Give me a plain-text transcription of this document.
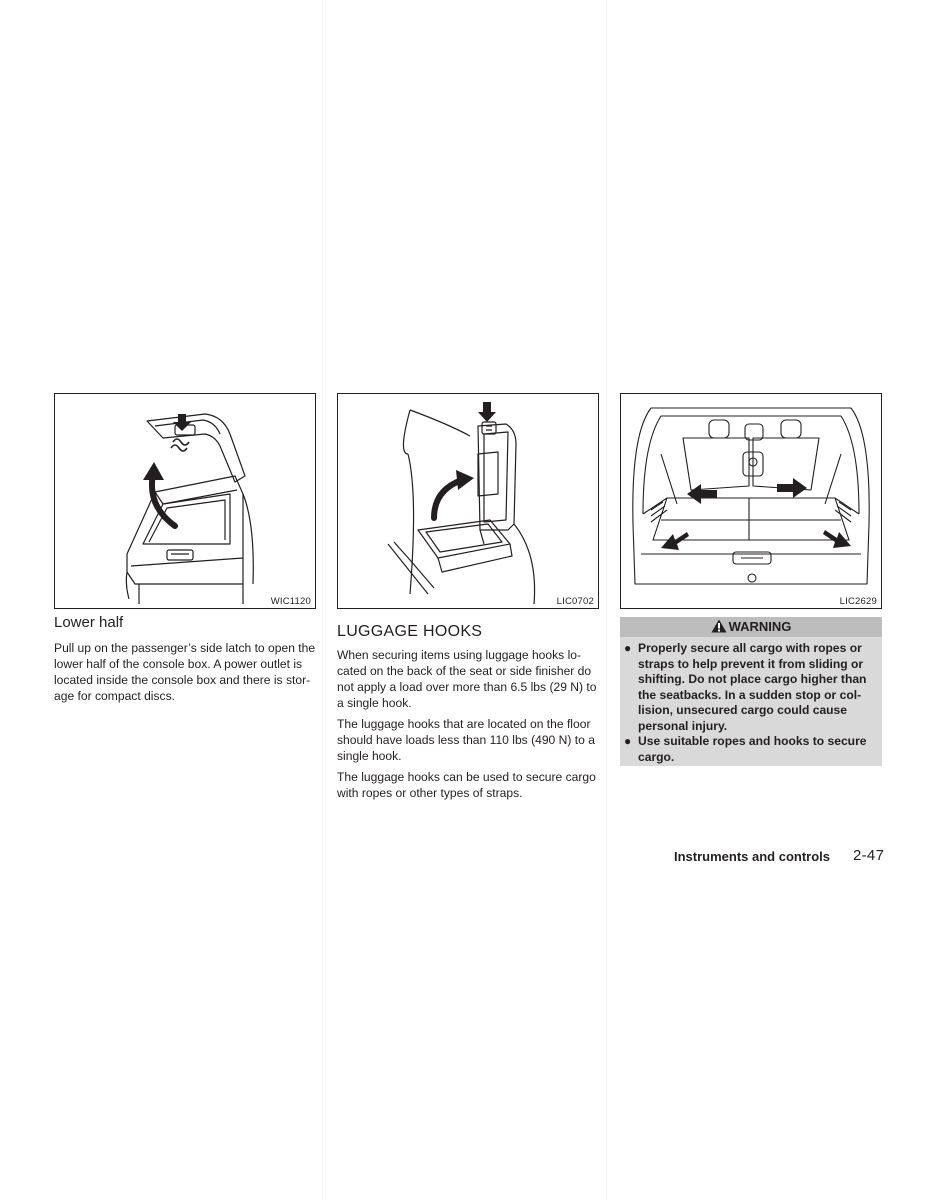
WIC1120	LIC0702	LIC2629
Lower half

Pull up on the passenger’s side latch to open the
lower half of the console box. A power outlet is
located inside the console box and there is stor-
age for compact discs.

LUGGAGE HOOKS

When securing items using luggage hooks lo-
cated on the back of the seat or side finisher do
not apply a load over more than 6.5 lbs (29 N) to
a single hook.

The luggage hooks that are located on the floor
should have loads less than 110 lbs (490 N) to a
single hook.

The luggage hooks can be used to secure cargo
with ropes or other types of straps.

WARNING
● Properly secure all cargo with ropes or
straps to help prevent it from sliding or
shifting. Do not place cargo higher than
the seatbacks. In a sudden stop or col-
lision, unsecured cargo could cause
personal injury.

● Use suitable ropes and hooks to secure
cargo.

Instruments and controls 2-47
